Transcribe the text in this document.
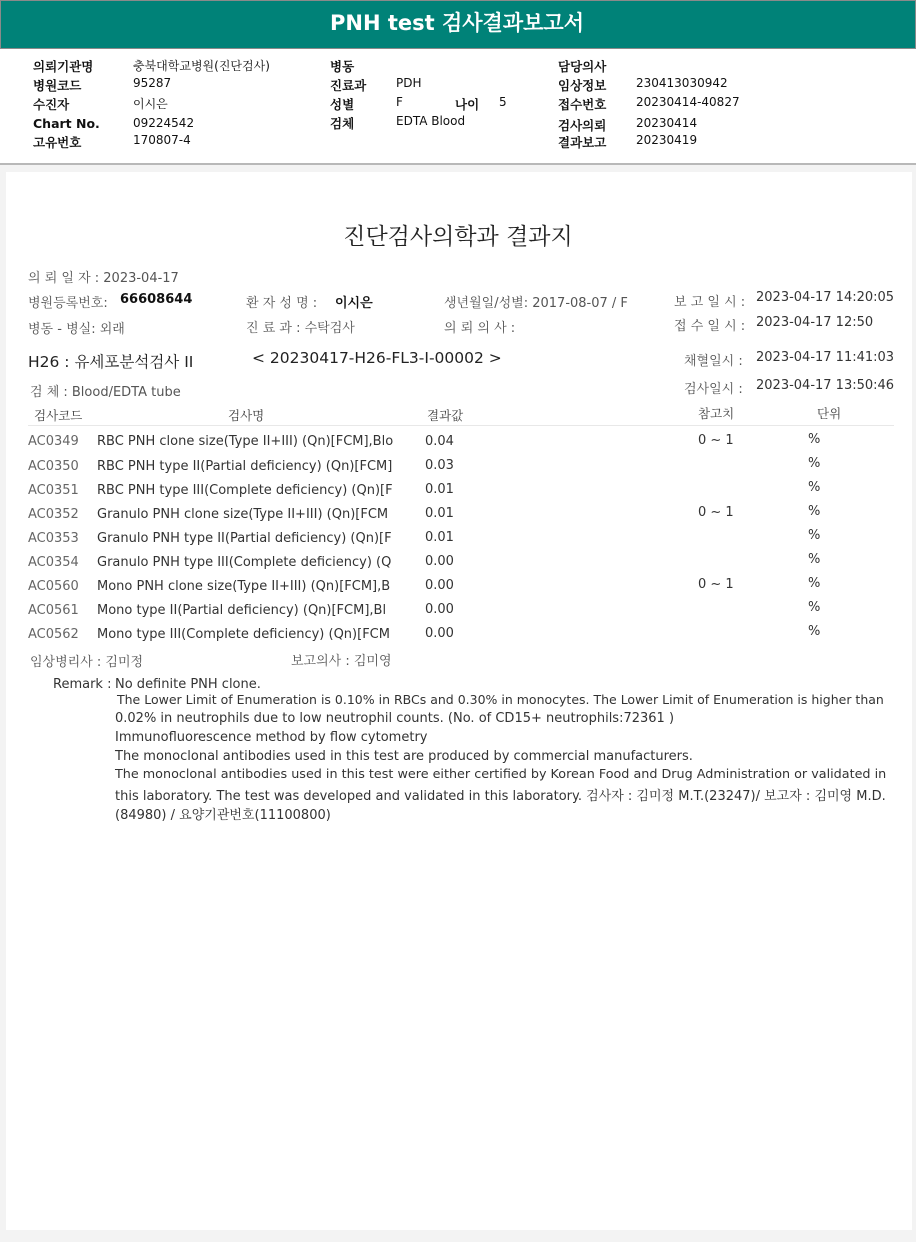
PNH test 검사결과보고서
의뢰기관명	충북대학교병원(진단검사)
병원코드	95287
수진자	이시은
Chart No.	09224542
고유번호	170807-4
병동
진료과 PDH
성별	F	나이 5
검체	EDTA Blood
담당의사
임상정보 230413030942
접수번호 20230414-40827
검사의뢰 20230414
결과보고 20230419
진단검사의학과 결과지
의 뢰 일 자 : 2023-04-17
병원등록번호: 66608644	환 자 성 명 : 이시은	생년월일/성별: 2017-08-07 / F	보 고 일 시 : 2023-04-17 14:20:05
병동 - 병실: 외래	진 료 과 : 수탁검사	의 뢰 의 사 :	접 수 일 시 : 2023-04-17 12:50
H26 : 유세포분석검사 II	< 20230417-H26-FL3-I-00002 >	채혈일시 : 2023-04-17 11:41:03
검 체 : Blood/EDTA tube	검사일시 : 2023-04-17 13:50:46
검사코드	검사명	결과값	참고치	단위
AC0349 RBC PNH clone size(Type II+III) (Qn)[FCM],Blo 0.04	0 ~ 1	%
AC0350 RBC PNH type II(Partial deficiency) (Qn)[FCM]	0.03	%
AC0351 RBC PNH type III(Complete deficiency) (Qn)[F 0.01	%
AC0352 Granulo PNH clone size(Type II+III) (Qn)[FCM	0.01	0 ~ 1	%
AC0353 Granulo PNH type II(Partial deficiency) (Qn)[F	0.01	%
AC0354 Granulo PNH type III(Complete deficiency) (Q	0.00	%
AC0560 Mono PNH clone size(Type II+III) (Qn)[FCM],B	0.00	0 ~ 1	%
AC0561 Mono type II(Partial deficiency) (Qn)[FCM],Bl	0.00	%
AC0562 Mono type III(Complete deficiency) (Qn)[FCM	0.00	%
임상병리사 : 김미정	보고의사 : 김미영
Remark : No definite PNH clone.
The Lower Limit of Enumeration is 0.10% in RBCs and 0.30% in monocytes. The Lower Limit of Enumeration is higher than
0.02% in neutrophils due to low neutrophil counts. (No. of CD15+ neutrophils:72361 )
Immunofluorescence method by flow cytometry
The monoclonal antibodies used in this test are produced by commercial manufacturers.
The monoclonal antibodies used in this test were either certified by Korean Food and Drug Administration or validated in
this laboratory. The test was developed and validated in this laboratory. 검사자 : 김미정 M.T.(23247)/ 보고자 : 김미영 M.D.
(84980) / 요양기관번호(11100800)
